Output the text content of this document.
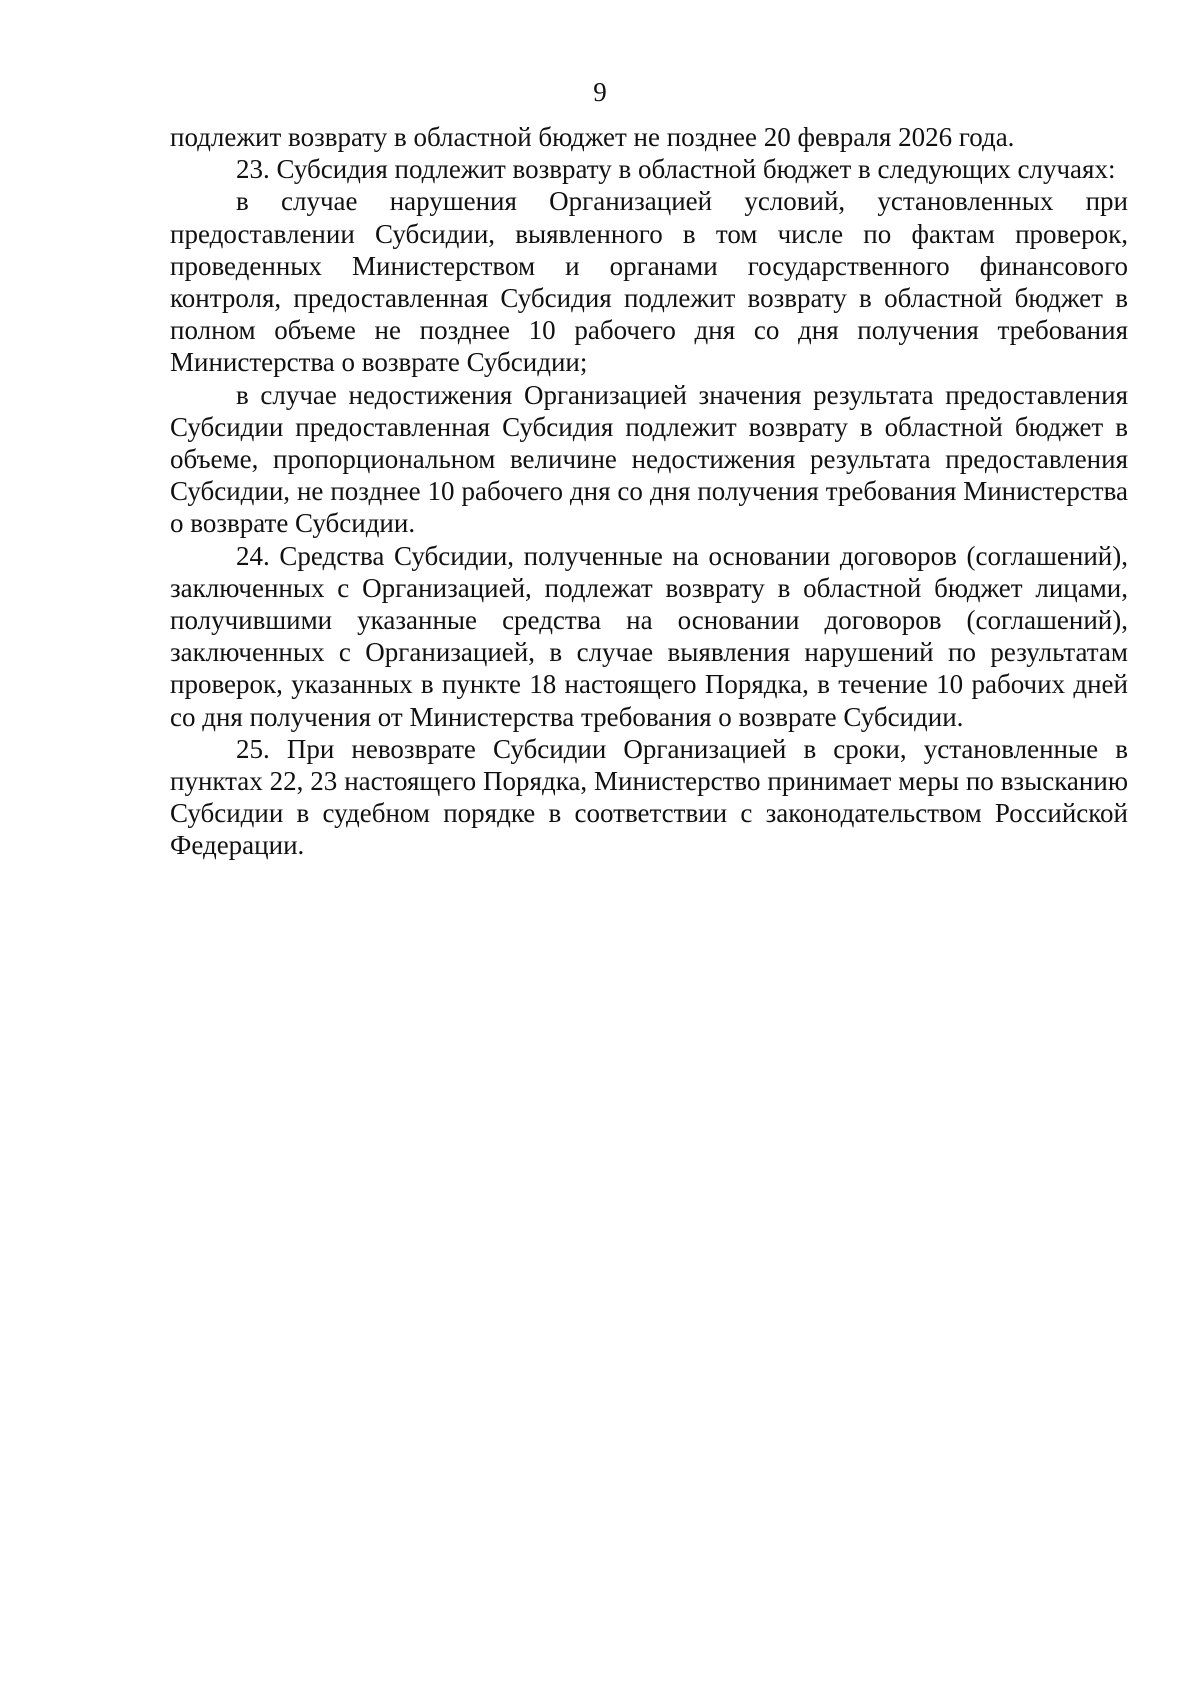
9

подлежит возврату в областной бюджет не позднее 20 февраля 2026 года.

23. Субсидия подлежит возврату в областной бюджет в следующих случаях:

в случае нарушения Организацией условий, установленных при предоставлении Субсидии, выявленного в том числе по фактам проверок, проведенных Министерством и органами государственного финансового контроля, предоставленная Субсидия подлежит возврату в областной бюджет в полном объеме не позднее 10 рабочего дня со дня получения требования Министерства о возврате Субсидии;

в случае недостижения Организацией значения результата предоставления Субсидии предоставленная Субсидия подлежит возврату в областной бюджет в объеме, пропорциональном величине недостижения результата предоставления Субсидии, не позднее 10 рабочего дня со дня получения требования Министерства о возврате Субсидии.

24. Средства Субсидии, полученные на основании договоров (соглашений), заключенных с Организацией, подлежат возврату в областной бюджет лицами, получившими указанные средства на основании договоров (соглашений), заключенных с Организацией, в случае выявления нарушений по результатам проверок, указанных в пункте 18 настоящего Порядка, в течение 10 рабочих дней со дня получения от Министерства требования о возврате Субсидии.

25. При невозврате Субсидии Организацией в сроки, установленные в пунктах 22, 23 настоящего Порядка, Министерство принимает меры по взысканию Субсидии в судебном порядке в соответствии с законодательством Российской Федерации.
